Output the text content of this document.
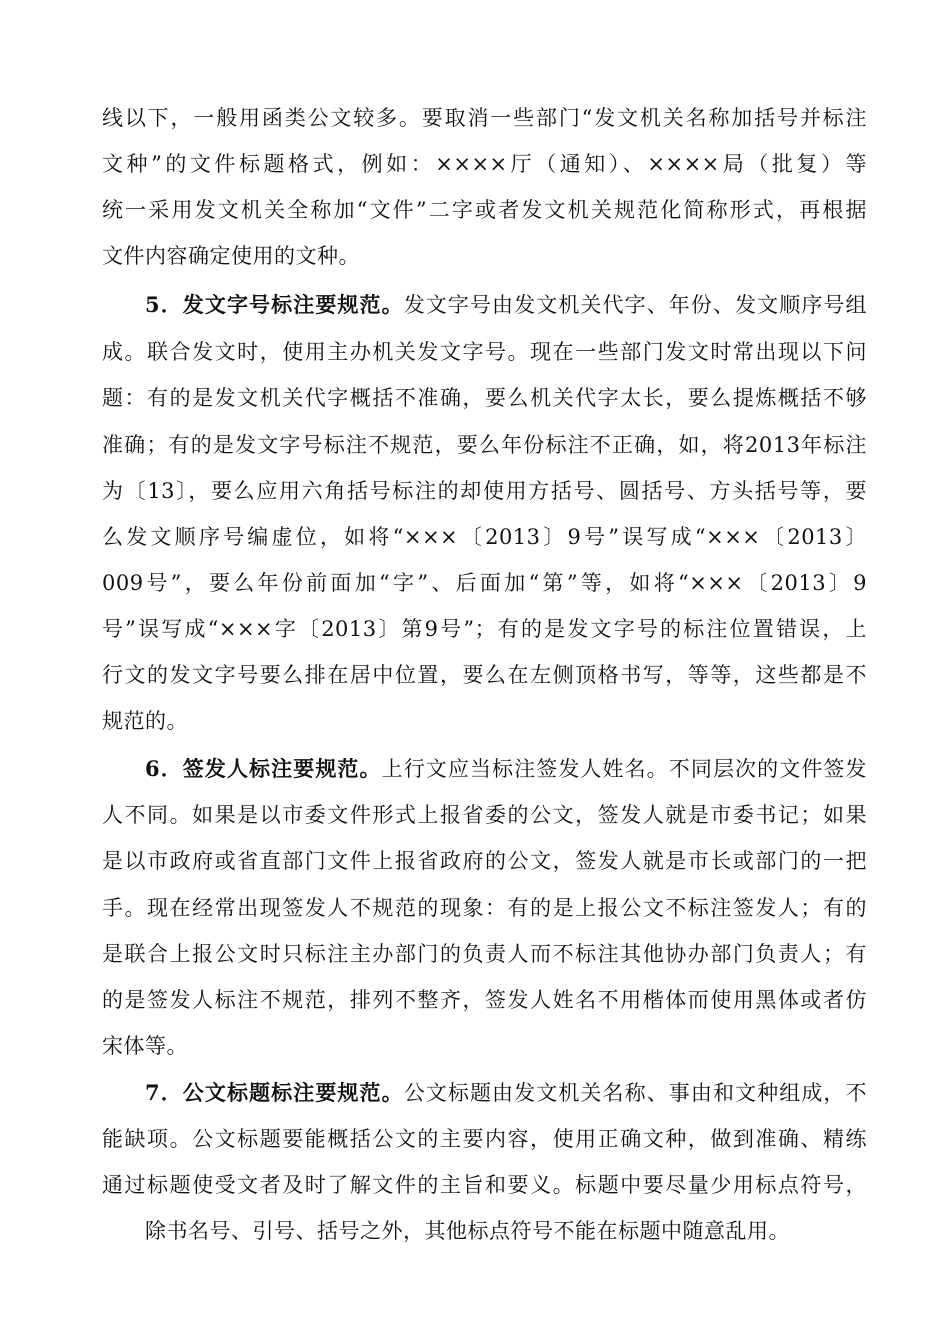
线以下，一般用函类公文较多。要取消一些部门“发文机关名称加括号并标注
文种”的文件标题格式，例如：××××厅（通知）、××××局（批复）等
统一采用发文机关全称加“文件”二字或者发文机关规范化简称形式，再根据
文件内容确定使用的文种。
5．发文字号标注要规范。发文字号由发文机关代字、年份、发文顺序号组
成。联合发文时，使用主办机关发文字号。现在一些部门发文时常出现以下问
题：有的是发文机关代字概括不准确，要么机关代字太长，要么提炼概括不够
准确；有的是发文字号标注不规范，要么年份标注不正确，如，将2013年标注
为〔13〕，要么应用六角括号标注的却使用方括号、圆括号、方头括号等，要
么发文顺序号编虚位，如将“×××〔2013〕9号”误写成“×××〔2013〕
009号”，要么年份前面加“字”、后面加“第”等，如将“×××〔2013〕9
号”误写成“×××字〔2013〕第9号”；有的是发文字号的标注位置错误，上
行文的发文字号要么排在居中位置，要么在左侧顶格书写，等等，这些都是不
规范的。
6．签发人标注要规范。上行文应当标注签发人姓名。不同层次的文件签发
人不同。如果是以市委文件形式上报省委的公文，签发人就是市委书记；如果
是以市政府或省直部门文件上报省政府的公文，签发人就是市长或部门的一把
手。现在经常出现签发人不规范的现象：有的是上报公文不标注签发人；有的
是联合上报公文时只标注主办部门的负责人而不标注其他协办部门负责人；有
的是签发人标注不规范，排列不整齐，签发人姓名不用楷体而使用黑体或者仿
宋体等。
7．公文标题标注要规范。公文标题由发文机关名称、事由和文种组成，不
能缺项。公文标题要能概括公文的主要内容，使用正确文种，做到准确、精练
通过标题使受文者及时了解文件的主旨和要义。标题中要尽量少用标点符号，
除书名号、引号、括号之外，其他标点符号不能在标题中随意乱用。
